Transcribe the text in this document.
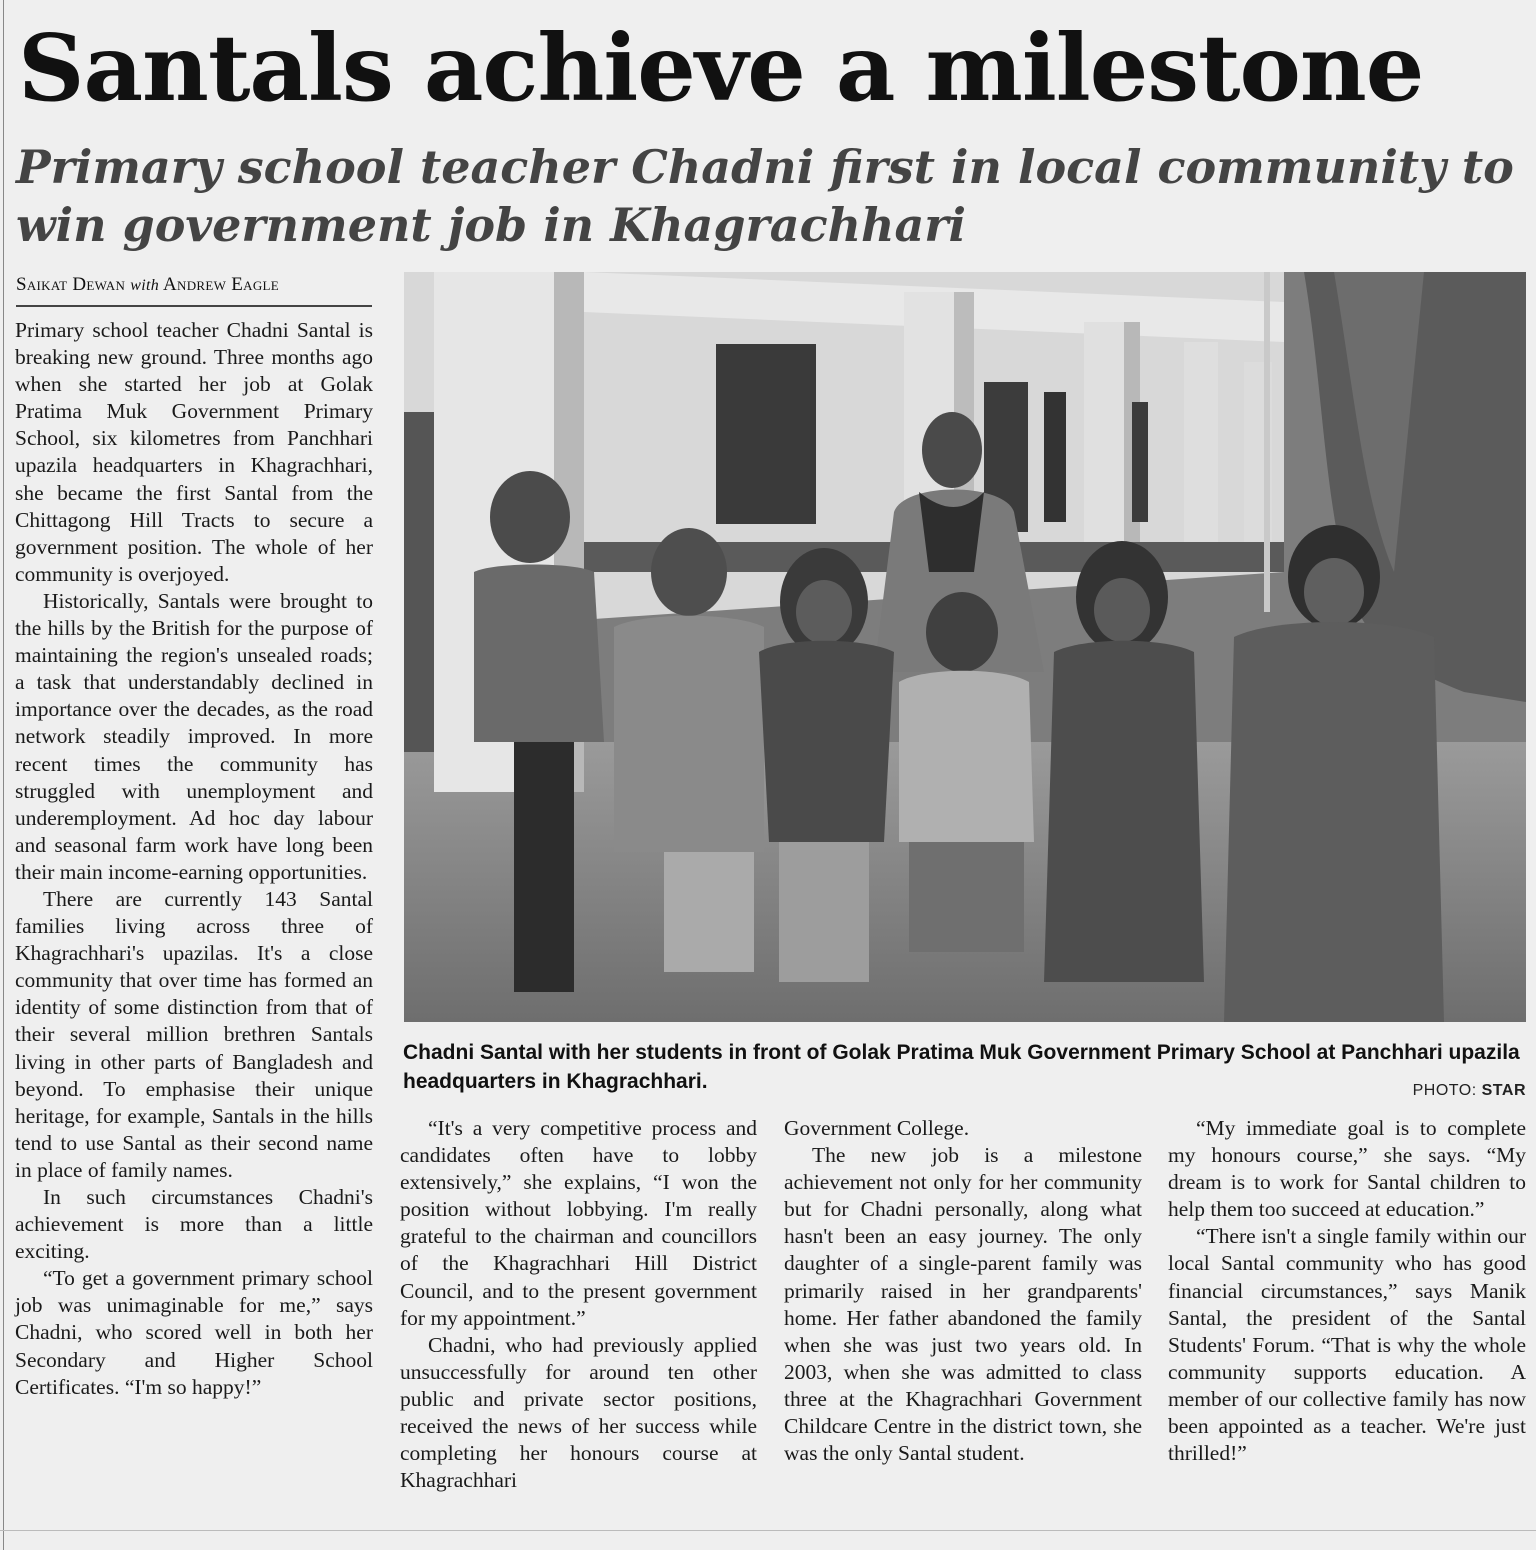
Santals achieve a milestone
Primary school teacher Chadni first in local community to win government job in Khagrachhari
Saikat Dewan with Andrew Eagle

Primary school teacher Chadni Santal is breaking new ground. Three months ago when she started her job at Golak Pratima Muk Government Primary School, six kilometres from Panchhari upazila headquarters in Khagrachhari, she became the first Santal from the Chittagong Hill Tracts to secure a government position. The whole of her community is overjoyed.

Historically, Santals were brought to the hills by the British for the purpose of maintaining the region's unsealed roads; a task that understandably declined in importance over the decades, as the road network steadily improved. In more recent times the community has struggled with unemployment and underemployment. Ad hoc day labour and seasonal farm work have long been their main income-earning opportunities.

There are currently 143 Santal families living across three of Khagrachhari's upazilas. It's a close community that over time has formed an identity of some distinction from that of their several million brethren Santals living in other parts of Bangladesh and beyond. To emphasise their unique heritage, for example, Santals in the hills tend to use Santal as their second name in place of family names.

In such circumstances Chadni's achievement is more than a little exciting.

“To get a government primary school job was unimaginable for me,” says Chadni, who scored well in both her Secondary and Higher School Certificates. “I'm so happy!”

Chadni Santal with her students in front of Golak Pratima Muk Government Primary School at Panchhari upazila headquarters in Khagrachhari.	PHOTO: STAR

“It's a very competitive process and candidates often have to lobby extensively,” she explains, “I won the position without lobbying. I'm really grateful to the chairman and councillors of the Khagrachhari Hill District Council, and to the present government for my appointment.”

Chadni, who had previously applied unsuccessfully for around ten other public and private sector positions, received the news of her success while completing her honours course at Khagrachhari

Government College.

The new job is a milestone achievement not only for her community but for Chadni personally, along what hasn't been an easy journey. The only daughter of a single-parent family was primarily raised in her grandparents' home. Her father abandoned the family when she was just two years old. In 2003, when she was admitted to class three at the Khagrachhari Government Childcare Centre in the district town, she was the only Santal student.

“My immediate goal is to complete my honours course,” she says. “My dream is to work for Santal children to help them too succeed at education.”

“There isn't a single family within our local Santal community who has good financial circumstances,” says Manik Santal, the president of the Santal Students' Forum. “That is why the whole community supports education. A member of our collective family has now been appointed as a teacher. We're just thrilled!”
